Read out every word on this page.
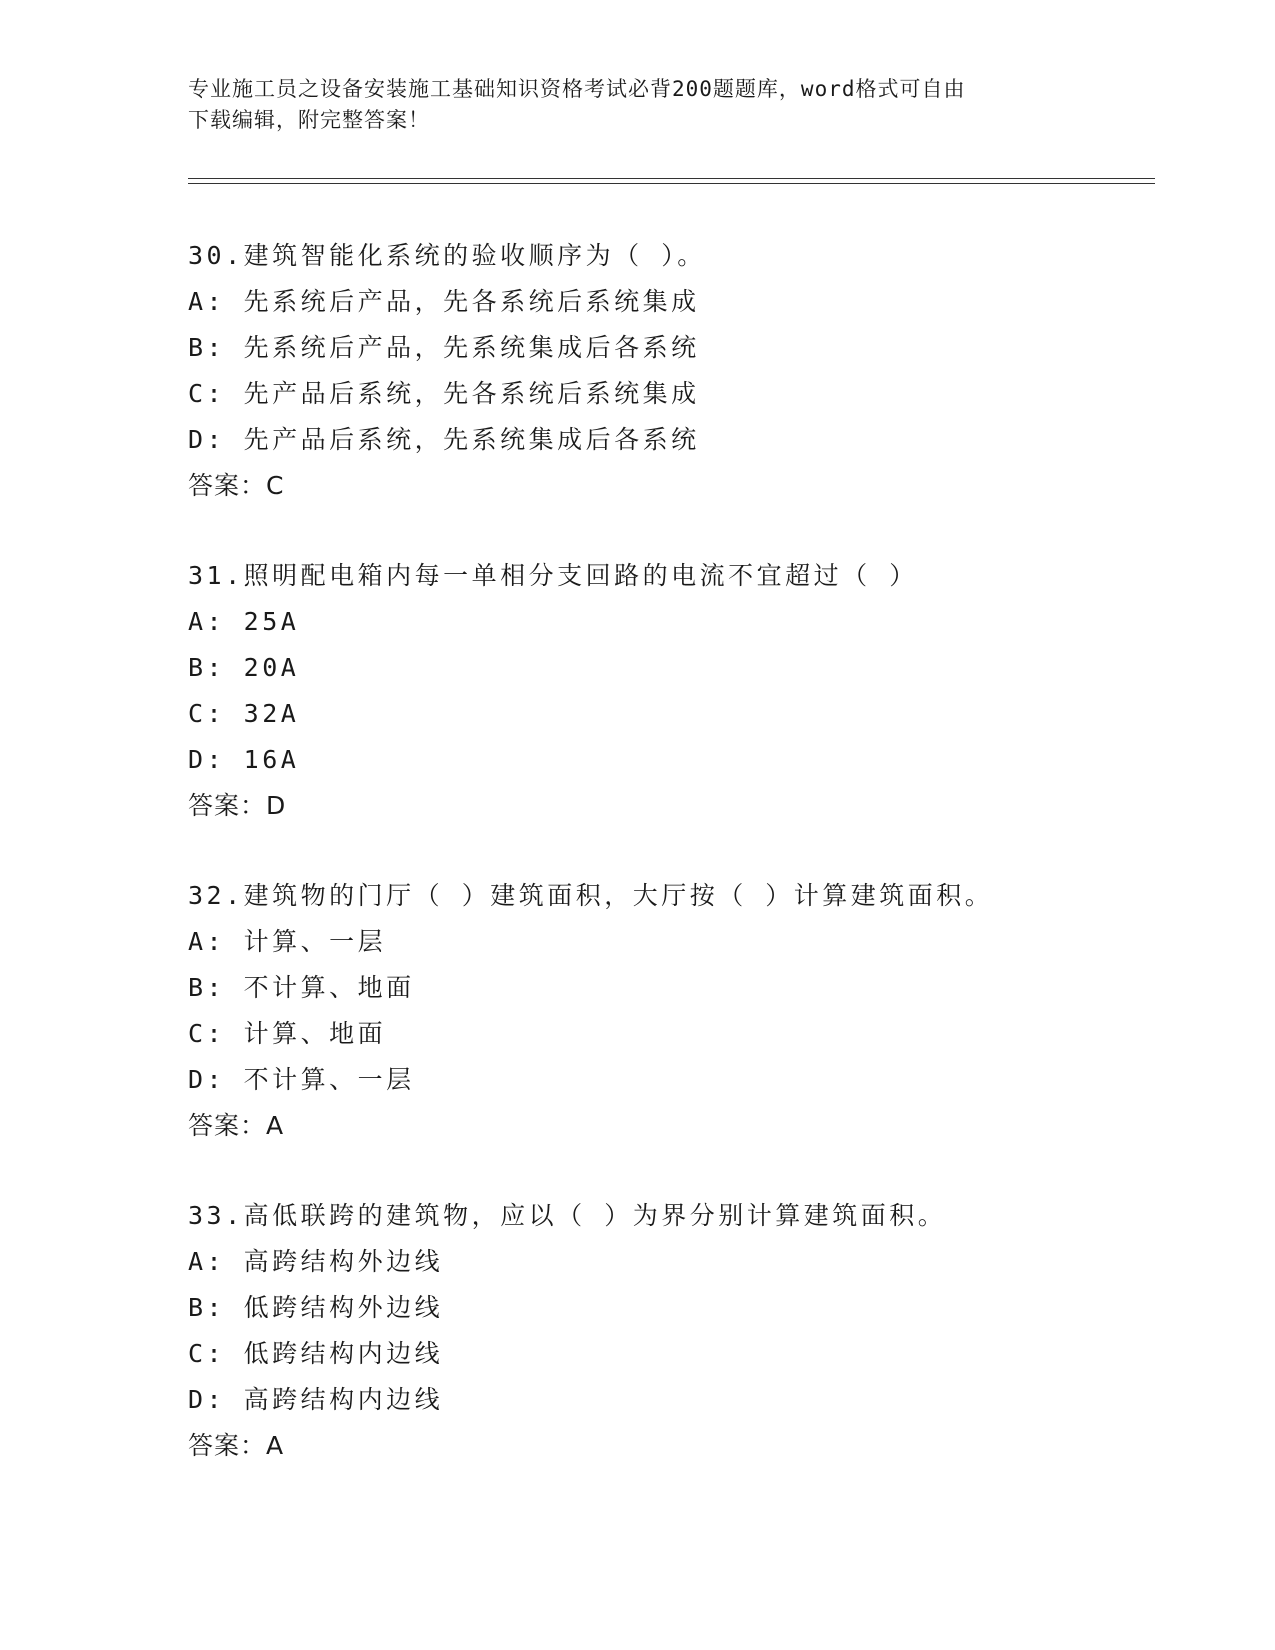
专业施工员之设备安装施工基础知识资格考试必背200题题库，word格式可自由
下载编辑，附完整答案！
30.建筑智能化系统的验收顺序为（ ）。
A: 先系统后产品，先各系统后系统集成
B: 先系统后产品，先系统集成后各系统
C: 先产品后系统，先各系统后系统集成
D: 先产品后系统，先系统集成后各系统
答案：C
31.照明配电箱内每一单相分支回路的电流不宜超过（ ）
A: 25A
B: 20A
C: 32A
D: 16A
答案：D
32.建筑物的门厅（ ）建筑面积，大厅按（ ）计算建筑面积。
A: 计算、一层
B: 不计算、地面
C: 计算、地面
D: 不计算、一层
答案：A
33.高低联跨的建筑物，应以（ ）为界分别计算建筑面积。
A: 高跨结构外边线
B: 低跨结构外边线
C: 低跨结构内边线
D: 高跨结构内边线
答案：A
